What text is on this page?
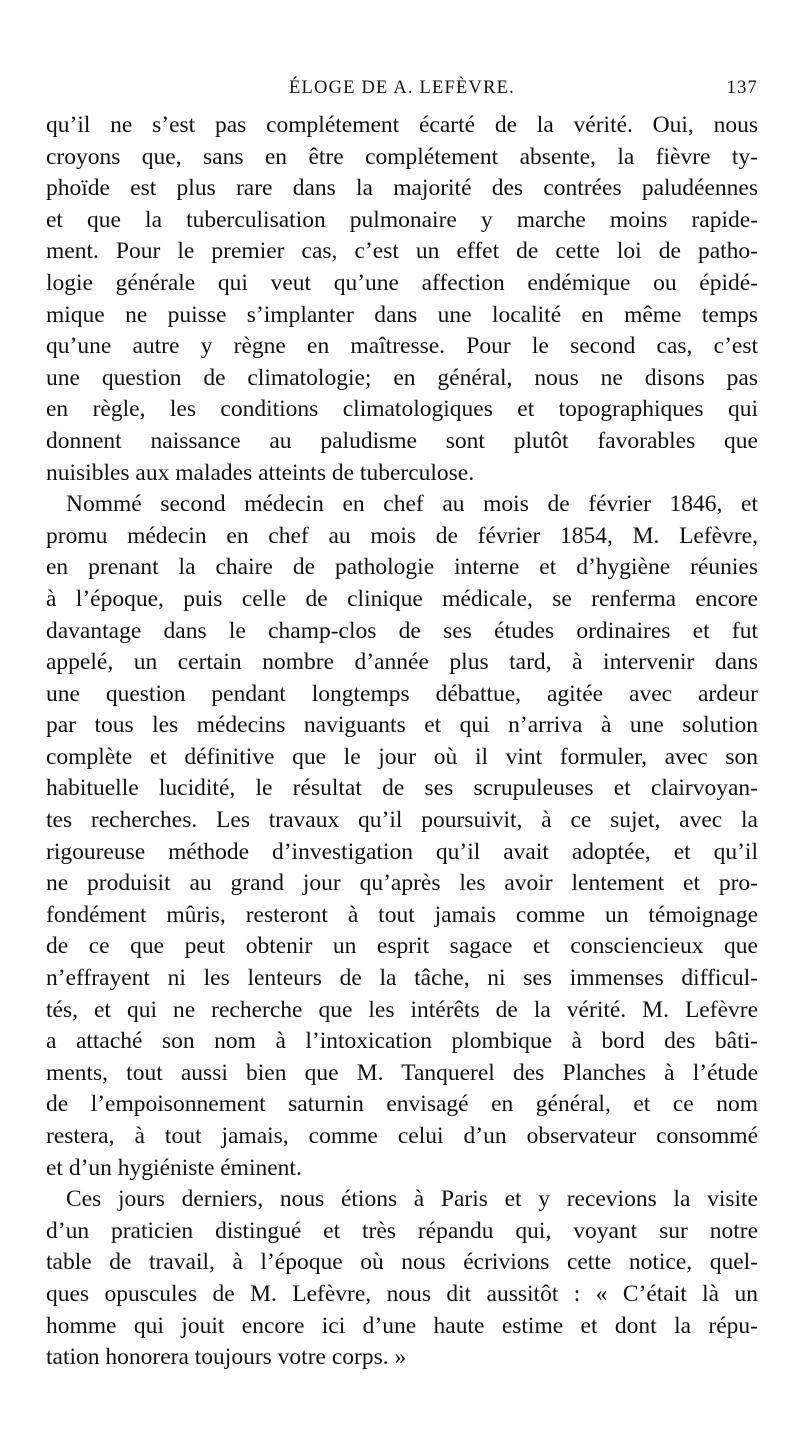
ÉLOGE DE A. LEFÈVRE.	137
qu’il ne s’est pas complétement écarté de la vérité. Oui, nous
croyons que, sans en être complétement absente, la fièvre ty-
phoïde est plus rare dans la majorité des contrées paludéennes
et que la tuberculisation pulmonaire y marche moins rapide-
ment. Pour le premier cas, c’est un effet de cette loi de patho-
logie générale qui veut qu’une affection endémique ou épidé-
mique ne puisse s’implanter dans une localité en même temps
qu’une autre y règne en maîtresse. Pour le second cas, c’est
une question de climatologie; en général, nous ne disons pas
en règle, les conditions climatologiques et topographiques qui
donnent naissance au paludisme sont plutôt favorables que
nuisibles aux malades atteints de tuberculose.
Nommé second médecin en chef au mois de février 1846, et
promu médecin en chef au mois de février 1854, M. Lefèvre,
en prenant la chaire de pathologie interne et d’hygiène réunies
à l’époque, puis celle de clinique médicale, se renferma encore
davantage dans le champ-clos de ses études ordinaires et fut
appelé, un certain nombre d’année plus tard, à intervenir dans
une question pendant longtemps débattue, agitée avec ardeur
par tous les médecins naviguants et qui n’arriva à une solution
complète et définitive que le jour où il vint formuler, avec son
habituelle lucidité, le résultat de ses scrupuleuses et clairvoyan-
tes recherches. Les travaux qu’il poursuivit, à ce sujet, avec la
rigoureuse méthode d’investigation qu’il avait adoptée, et qu’il
ne produisit au grand jour qu’après les avoir lentement et pro-
fondément mûris, resteront à tout jamais comme un témoignage
de ce que peut obtenir un esprit sagace et consciencieux que
n’effrayent ni les lenteurs de la tâche, ni ses immenses difficul-
tés, et qui ne recherche que les intérêts de la vérité. M. Lefèvre
a attaché son nom à l’intoxication plombique à bord des bâti-
ments, tout aussi bien que M. Tanquerel des Planches à l’étude
de l’empoisonnement saturnin envisagé en général, et ce nom
restera, à tout jamais, comme celui d’un observateur consommé
et d’un hygiéniste éminent.
Ces jours derniers, nous étions à Paris et y recevions la visite
d’un praticien distingué et très répandu qui, voyant sur notre
table de travail, à l’époque où nous écrivions cette notice, quel-
ques opuscules de M. Lefèvre, nous dit aussitôt : « C’était là un
homme qui jouit encore ici d’une haute estime et dont la répu-
tation honorera toujours votre corps. »
